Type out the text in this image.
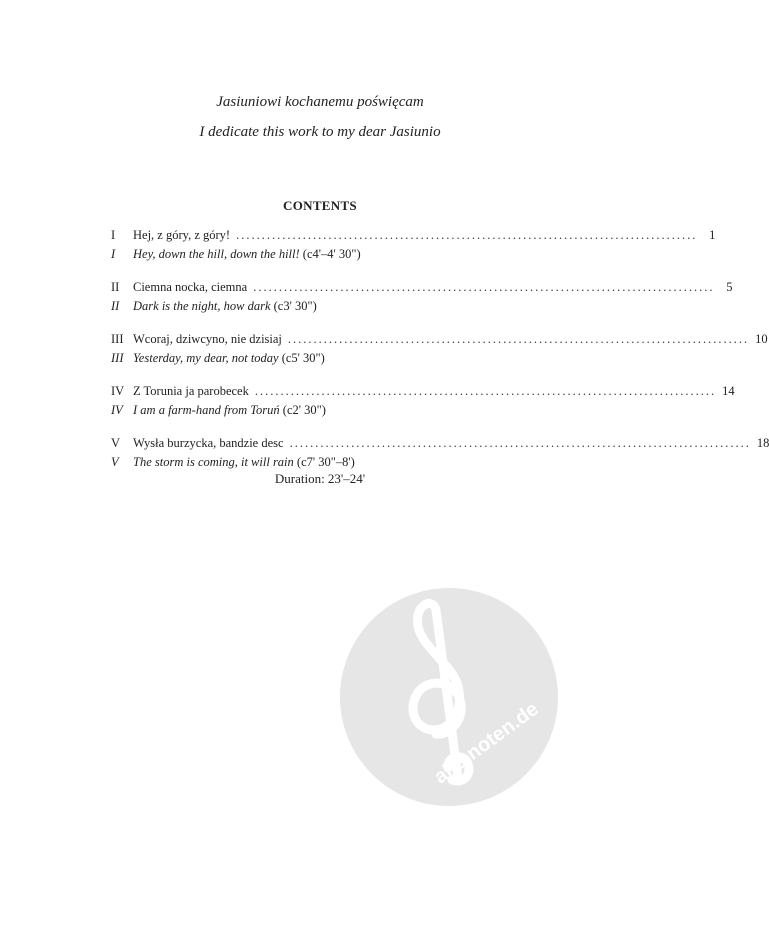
Jasiuniowi kochanemu poświęcam
I dedicate this work to my dear Jasiunio
CONTENTS
I	Hej, z góry, z góry! .......................................................................................... 1
I	Hey, down the hill, down the hill!
(c4'–4' 30")
II	Ciemna nocka, ciemna .......................................................................................... 5
II	Dark is the night, how dark
(c3' 30")
III Wcoraj, dziwcyno, nie dzisiaj .......................................................................................... 10
III Yesterday, my dear, not today
(c5' 30")
IV Z Torunia ja parobecek .......................................................................................... 14
IV I am a farm-hand from Toruń
(c2' 30")
V	Wysła burzycka, bandzie desc .......................................................................................... 18
V	The storm is coming, it will rain
(c7' 30"–8')
Duration: 23'–24'
alle-noten.de
